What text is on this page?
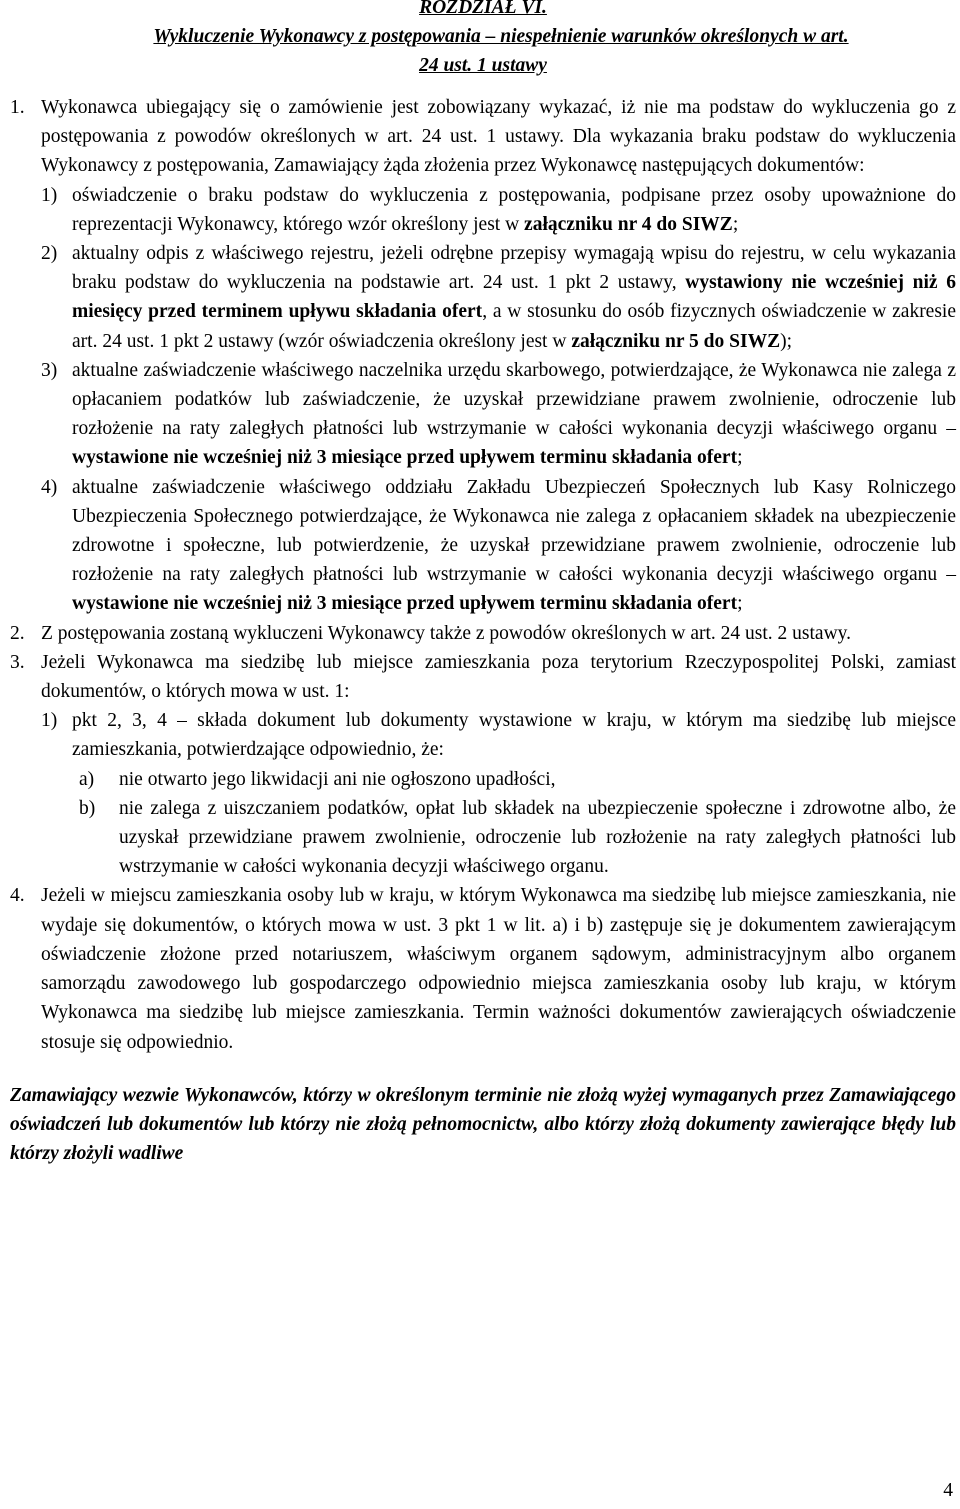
ROZDZIAŁ VI.
Wykluczenie Wykonawcy z postępowania – niespełnienie warunków określonych w art.
24 ust. 1 ustawy
1. Wykonawca ubiegający się o zamówienie jest zobowiązany wykazać, iż nie ma podstaw do wykluczenia go z postępowania z powodów określonych w art. 24 ust. 1 ustawy. Dla wykazania braku podstaw do wykluczenia Wykonawcy z postępowania, Zamawiający żąda złożenia przez Wykonawcę następujących dokumentów:
1) oświadczenie o braku podstaw do wykluczenia z postępowania, podpisane przez osoby upoważnione do reprezentacji Wykonawcy, którego wzór określony jest w załączniku nr 4 do SIWZ;
2) aktualny odpis z właściwego rejestru, jeżeli odrębne przepisy wymagają wpisu do rejestru, w celu wykazania braku podstaw do wykluczenia na podstawie art. 24 ust. 1 pkt 2 ustawy, wystawiony nie wcześniej niż 6 miesięcy przed terminem upływu składania ofert, a w stosunku do osób fizycznych oświadczenie w zakresie art. 24 ust. 1 pkt 2 ustawy (wzór oświadczenia określony jest w załączniku nr 5 do SIWZ);
3) aktualne zaświadczenie właściwego naczelnika urzędu skarbowego, potwierdzające, że Wykonawca nie zalega z opłacaniem podatków lub zaświadczenie, że uzyskał przewidziane prawem zwolnienie, odroczenie lub rozłożenie na raty zaległych płatności lub wstrzymanie w całości wykonania decyzji właściwego organu – wystawione nie wcześniej niż 3 miesiące przed upływem terminu składania ofert;
4) aktualne zaświadczenie właściwego oddziału Zakładu Ubezpieczeń Społecznych lub Kasy Rolniczego Ubezpieczenia Społecznego potwierdzające, że Wykonawca nie zalega z opłacaniem składek na ubezpieczenie zdrowotne i społeczne, lub potwierdzenie, że uzyskał przewidziane prawem zwolnienie, odroczenie lub rozłożenie na raty zaległych płatności lub wstrzymanie w całości wykonania decyzji właściwego organu – wystawione nie wcześniej niż 3 miesiące przed upływem terminu składania ofert;
2. Z postępowania zostaną wykluczeni Wykonawcy także z powodów określonych w art. 24 ust. 2 ustawy.
3. Jeżeli Wykonawca ma siedzibę lub miejsce zamieszkania poza terytorium Rzeczypospolitej Polski, zamiast dokumentów, o których mowa w ust. 1:
1) pkt 2, 3, 4 – składa dokument lub dokumenty wystawione w kraju, w którym ma siedzibę lub miejsce zamieszkania, potwierdzające odpowiednio, że:
a)	nie otwarto jego likwidacji ani nie ogłoszono upadłości,
b)	nie zalega z uiszczaniem podatków, opłat lub składek na ubezpieczenie społeczne i zdrowotne albo, że uzyskał przewidziane prawem zwolnienie, odroczenie lub rozłożenie na raty zaległych płatności lub wstrzymanie w całości wykonania decyzji właściwego organu.
4. Jeżeli w miejscu zamieszkania osoby lub w kraju, w którym Wykonawca ma siedzibę lub miejsce zamieszkania, nie wydaje się dokumentów, o których mowa w ust. 3 pkt 1 w lit. a) i b) zastępuje się je dokumentem zawierającym oświadczenie złożone przed notariuszem, właściwym organem sądowym, administracyjnym albo organem samorządu zawodowego lub gospodarczego odpowiednio miejsca zamieszkania osoby lub kraju, w którym Wykonawca ma siedzibę lub miejsce zamieszkania. Termin ważności dokumentów zawierających oświadczenie stosuje się odpowiednio.
Zamawiający wezwie Wykonawców, którzy w określonym terminie nie złożą wyżej wymaganych przez Zamawiającego oświadczeń lub dokumentów lub którzy nie złożą pełnomocnictw, albo którzy złożą dokumenty zawierające błędy lub którzy złożyli wadliwe
4
